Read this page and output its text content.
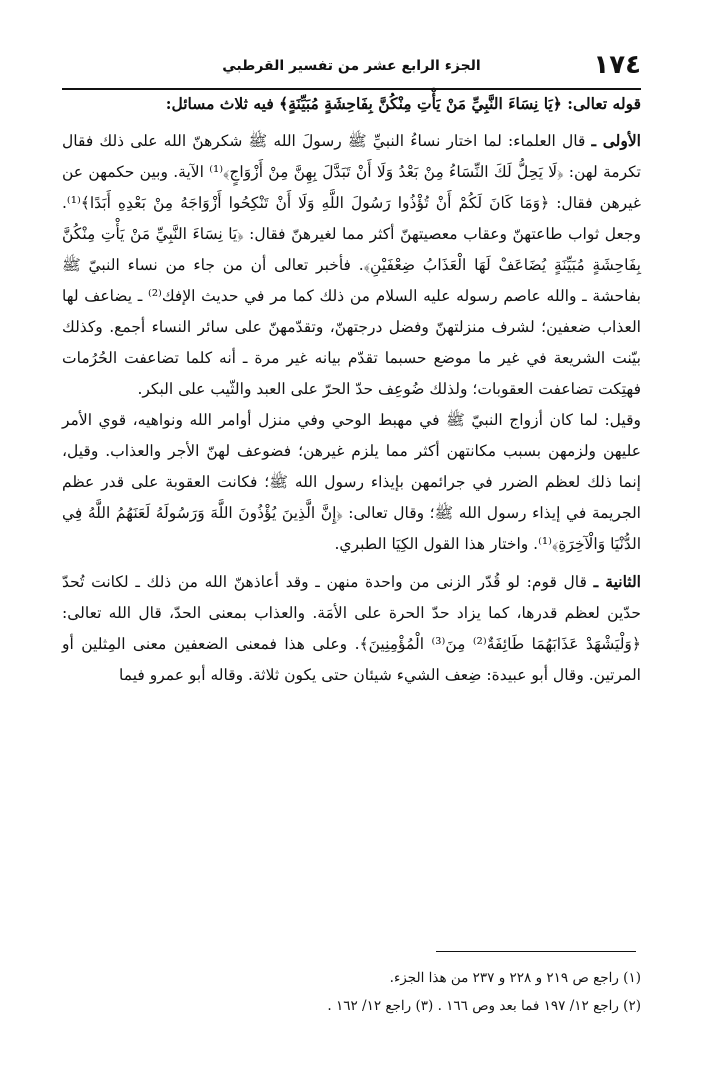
١٧٤
الجزء الرابع عشر من تفسير القرطبي

قوله تعالى: ﴿يَا نِسَاءَ النَّبِيِّ مَنْ يَأْتِ مِنْكُنَّ بِفَاحِشَةٍ مُبَيِّنَةٍ﴾ فيه ثلاث مسائل:

الأولى ـ قال العلماء: لما اختار نساءُ النبيِّ ﷺ رسولَ الله ﷺ شكرهنّ الله على ذلك فقال تكرمة لهن: ﴿لَا يَحِلُّ لَكَ النِّسَاءُ مِنْ بَعْدُ وَلَا أَنْ تَبَدَّلَ بِهِنَّ مِنْ أَزْوَاجٍ﴾⁽¹⁾ الآية. وبين حكمهن عن غيرهن فقال: ﴿وَمَا كَانَ لَكُمْ أَنْ تُؤْذُوا رَسُولَ اللَّهِ وَلَا أَنْ تَنْكِحُوا أَزْوَاجَهُ مِنْ بَعْدِهِ أَبَدًا﴾⁽¹⁾. وجعل ثواب طاعتهنّ وعقاب معصيتهنّ أكثر مما لغيرهنّ فقال: ﴿يَا نِسَاءَ النَّبِيِّ مَنْ يَأْتِ مِنْكُنَّ بِفَاحِشَةٍ مُبَيِّنَةٍ يُضَاعَفْ لَهَا الْعَذَابُ ضِعْفَيْنِ﴾. فأخبر تعالى أن من جاء من نساء النبيّ ﷺ بفاحشة ـ والله عاصم رسوله عليه السلام من ذلك كما مر في حديث الإفك⁽²⁾ ـ يضاعف لها العذاب ضعفين؛ لشرف منزلتهنّ وفضل درجتهنّ، وتقدّمهنّ على سائر النساء أجمع. وكذلك بيّنت الشريعة في غير ما موضع حسبما تقدّم بيانه غير مرة ـ أنه كلما تضاعفت الحُرُمات فهتِكت تضاعفت العقوبات؛ ولذلك ضُوعِف حدّ الحرّ على العبد والثّيب على البكر.

وقيل: لما كان أزواج النبيّ ﷺ في مهبط الوحي وفي منزل أوامر الله ونواهيه، قوي الأمر عليهن ولزمهن بسبب مكانتهن أكثر مما يلزم غيرهن؛ فضوعف لهنّ الأجر والعذاب. وقيل، إنما ذلك لعظم الضرر في جرائمهن بإيذاء رسول الله ﷺ؛ فكانت العقوبة على قدر عظم الجريمة في إيذاء رسول الله ﷺ؛ وقال تعالى: ﴿إِنَّ الَّذِينَ يُؤْذُونَ اللَّهَ وَرَسُولَهُ لَعَنَهُمُ اللَّهُ فِي الدُّنْيَا وَالْآخِرَةِ﴾⁽¹⁾. واختار هذا القول الكِيَا الطبري.

الثانية ـ قال قوم: لو قُدّر الزنى من واحدة منهن ـ وقد أعاذهنّ الله من ذلك ـ لكانت تُحدّ حدّين لعظم قدرها، كما يزاد حدّ الحرة على الأمَة. والعذاب بمعنى الحدّ، قال الله تعالى: ﴿وَلْيَشْهَدْ عَذَابَهُمَا طَائِفَةٌ⁽²⁾ مِنَ⁽³⁾ الْمُؤْمِنِينَ﴾. وعلى هذا فمعنى الضعفين معنى المِثلين أو المرتين. وقال أبو عبيدة: ضِعف الشيء شيئان حتى يكون ثلاثة. وقاله أبو عمرو فيما

(١) راجع ص ٢١٩ و ٢٢٨ و ٢٣٧ من هذا الجزء.

(٢) راجع ١٢/ ١٩٧ فما بعد وص ١٦٦ . (٣) راجع ١٢/ ١٦٢ .
